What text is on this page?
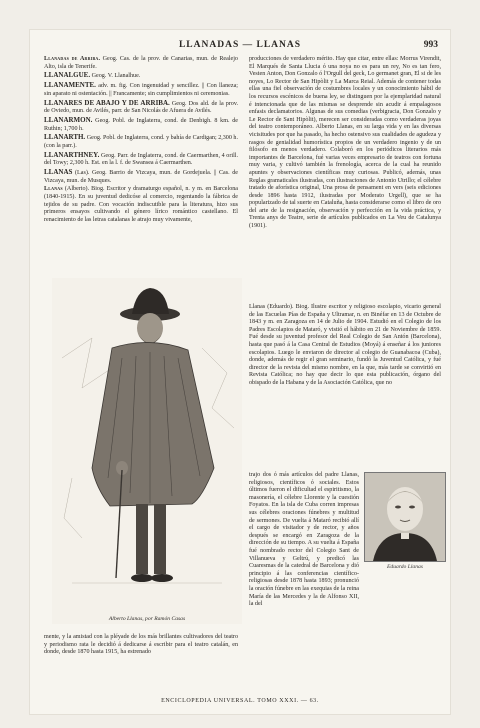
LLANADAS — LLANAS	993

Llanadas de Arriba. Geog. Cas. de la prov. de Canarias, mun. de Realejo Alto, isla de Tenerife.

LLANALGUE. Geog. V. Llanalhue.

LLANAMENTE. adv. m. fig. Con ingenuidad y sencillez. || Con llaneza; sin aparato ni ostentación. || Francamente; sin cumplimientos ni ceremonias.

LLANARES DE ABAJO Y DE ARRIBA. Geog. Dos ald. de la prov. de Oviedo, mun. de Avilés, parr. de San Nicolás de Afuera de Avilés.

LLANARMON. Geog. Pobl. de Inglaterra, cond. de Denbigh. 8 km. de Ruthin; 1,700 h.

LLANARTH. Geog. Pobl. de Inglaterra, cond. y bahía de Cardigan; 2,300 h. (con la parr.).

LLANARTHNEY. Geog. Parr. de Inglaterra, cond. de Caermarthen, 4 orill. del Towy; 2,300 h. Est. en la l. f. de Swansea á Caermarthen.

LLANAS (Las). Geog. Barrio de Vizcaya, mun. de Gordejuela. || Cas. de Vizcaya, mun. de Musques.

Llanas (Alberto). Biog. Escritor y dramaturgo español, n. y m. en Barcelona (1840-1915). En su juventud dedicóse al comercio, regentando la fábrica de tejidos de su padre. Con vocación indiscutible para la literatura, hizo sus primeros ensayos cultivando el género lírico romántico castellano. El renacimiento de las letras catalanas le atrajo muy vivamente,

Alberto Llanas, por Ramón Casas

mente, y la amistad con la pléyade de los más brillantes cultivadores del teatro y periodismo rata le decidió á dedicarse á escribir para el teatro catalán, en donde, desde 1870 hasta 1915, ha estrenado

producciones de verdadero mérito. Hay que citar, entre ellas: Morrus Virendit, El Marqués de Santa Llucia ó una noya no es para un rey, No es tan fero, Vesten Anton, Don Gonzalo ó l'Orgull del geck, Lo germanet gran, El si de les noyes, Lo Rector de San Hipòlit y La Marca Reial. Además de contener todas ellas una fiel observación de costumbres locales y un conocimiento hábil de los recursos escénicos de buena ley, se distinguen por la ejemplaridad natural é intencionada que de las mismas se desprende sin acudir á empalagosos enfasis declamatorios. Algunas de sus comedias (verbigracia, Don Gonzalo y Le Rector de Sant Hipòlit), merecen ser consideradas como verdaderas joyas del teatro contemporáneo. Alberto Llanas, en su larga vida y en las diversas vicisitudes por que ha pasado, ha hecho ostensivo sus cualidades de agudeza y rasgos de genialidad humorística propios de un verdadero ingenio y de un filósofo en menos verdadero. Colaboró en los periódicos literarios más importantes de Barcelona, fué varias veces empresario de teatros con fortuna muy varia, y cultivó también la frenología, acerca de la cual ha reunido apuntes y observaciones científicas muy curiosas. Publicó, además, unas Reglas gramaticales ilustradas, con ilustraciones de Antonio Utrillo; el célebre tratado de aforística original, Una prosa de pensament en vers (seis ediciones desde 1896 hasta 1912, ilustradas por Moderato Urgell), que se ha popularizado de tal suerte en Cataluña, hasta considerarse como el libro de oro del arte de la resignación, observación y perfección en la vida práctica, y Trenta anys de Teatre, serie de artículos publicados en La Veu de Catalunya (1901).

Llanas (Eduardo). Biog. Ilustre escritor y religioso escolapio, vicario general de las Escuelas Pías de España y Ultramar, n. en Binéfar en 13 de Octubre de 1843 y m. en Zaragoza en 14 de Julio de 1904. Estudió en el Colegio de los Padres Escolapios de Mataró, y vistió el hábito en 21 de Noviembre de 1859. Fué desde su juventud profesor del Real Colegio de San Antón (Barcelona), hasta que pasó á la Casa Central de Estudios (Moyá) á enseñar á los juniores escolapios. Luego le enviaron de director al colegio de Guanabacoa (Cuba), donde, además de regir el gran seminario, fundó la Juventud Católica, y fué director de la revista del mismo nombre, en la que, más tarde se convirtió en Revista Católica; no hay que decir lo que esta publicación, órgano del obispado de la Habana y de la Asociación Católica, que no

Eduardo Llanas

trajo dos ó más artículos del padre Llanas, religiosos, científicos ó sociales. Estos últimos fueron el dificultad el espiritismo, la masonería, el célebre Llorente y la cuestión Foyatos. En la isla de Cuba corren impresas sus célebres oraciones fúnebres y multitud de sermones. De vuelta á Mataró recibió allí el cargo de visitador y de rector, y años después se encargó en Zaragoza de la dirección de su tiempo. A su vuelta á España fué nombrado rector del Colegio Sant de Villanueva y Geltrú, y predicó las Cuaresmas de la catedral de Barcelona y dió principio á las conferencias científico-religiosas desde 1878 hasta 1893; pronunció la oración fúnebre en las exequias de la reina María de las Mercedes y la de Alfonso XII, la del

ENCICLOPEDIA UNIVERSAL. TOMO XXXI. — 63.
